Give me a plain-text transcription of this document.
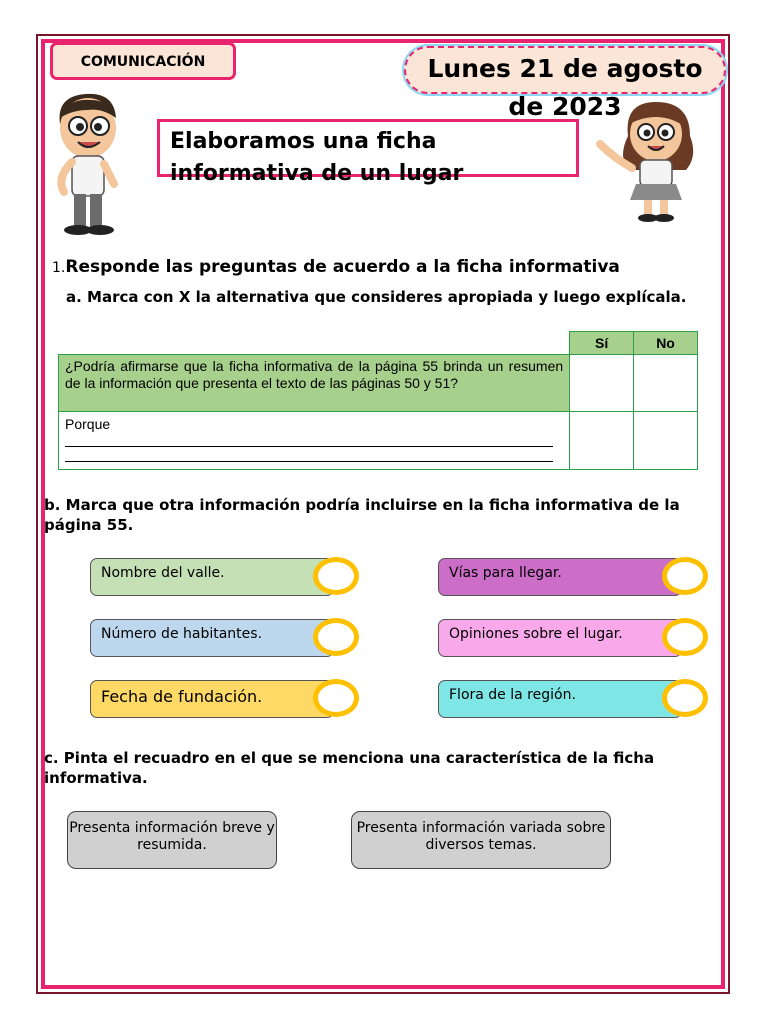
COMUNICACIÓN	Lunes 21 de agosto de 2023
Elaboramos una ficha informativa de un lugar
1.Responde las preguntas de acuerdo a la ficha informativa
a. Marca con X la alternativa que consideres apropiada y luego explícala.
	Sí	No
¿Podría afirmarse que la ficha informativa de la página 55 brinda un resumen de la información que presenta el texto de las páginas 50 y 51?		

Porque		

b. Marca que otra información podría incluirse en la ficha informativa de la página 55.
Nombre del valle.	Vías para llegar.
Número de habitantes.	Opiniones sobre el lugar.
Fecha de fundación.	Flora de la región.
c. Pinta el recuadro en el que se menciona una característica de la ficha informativa.
Presenta información breve y resumida.
Presenta información variada sobre diversos temas.
